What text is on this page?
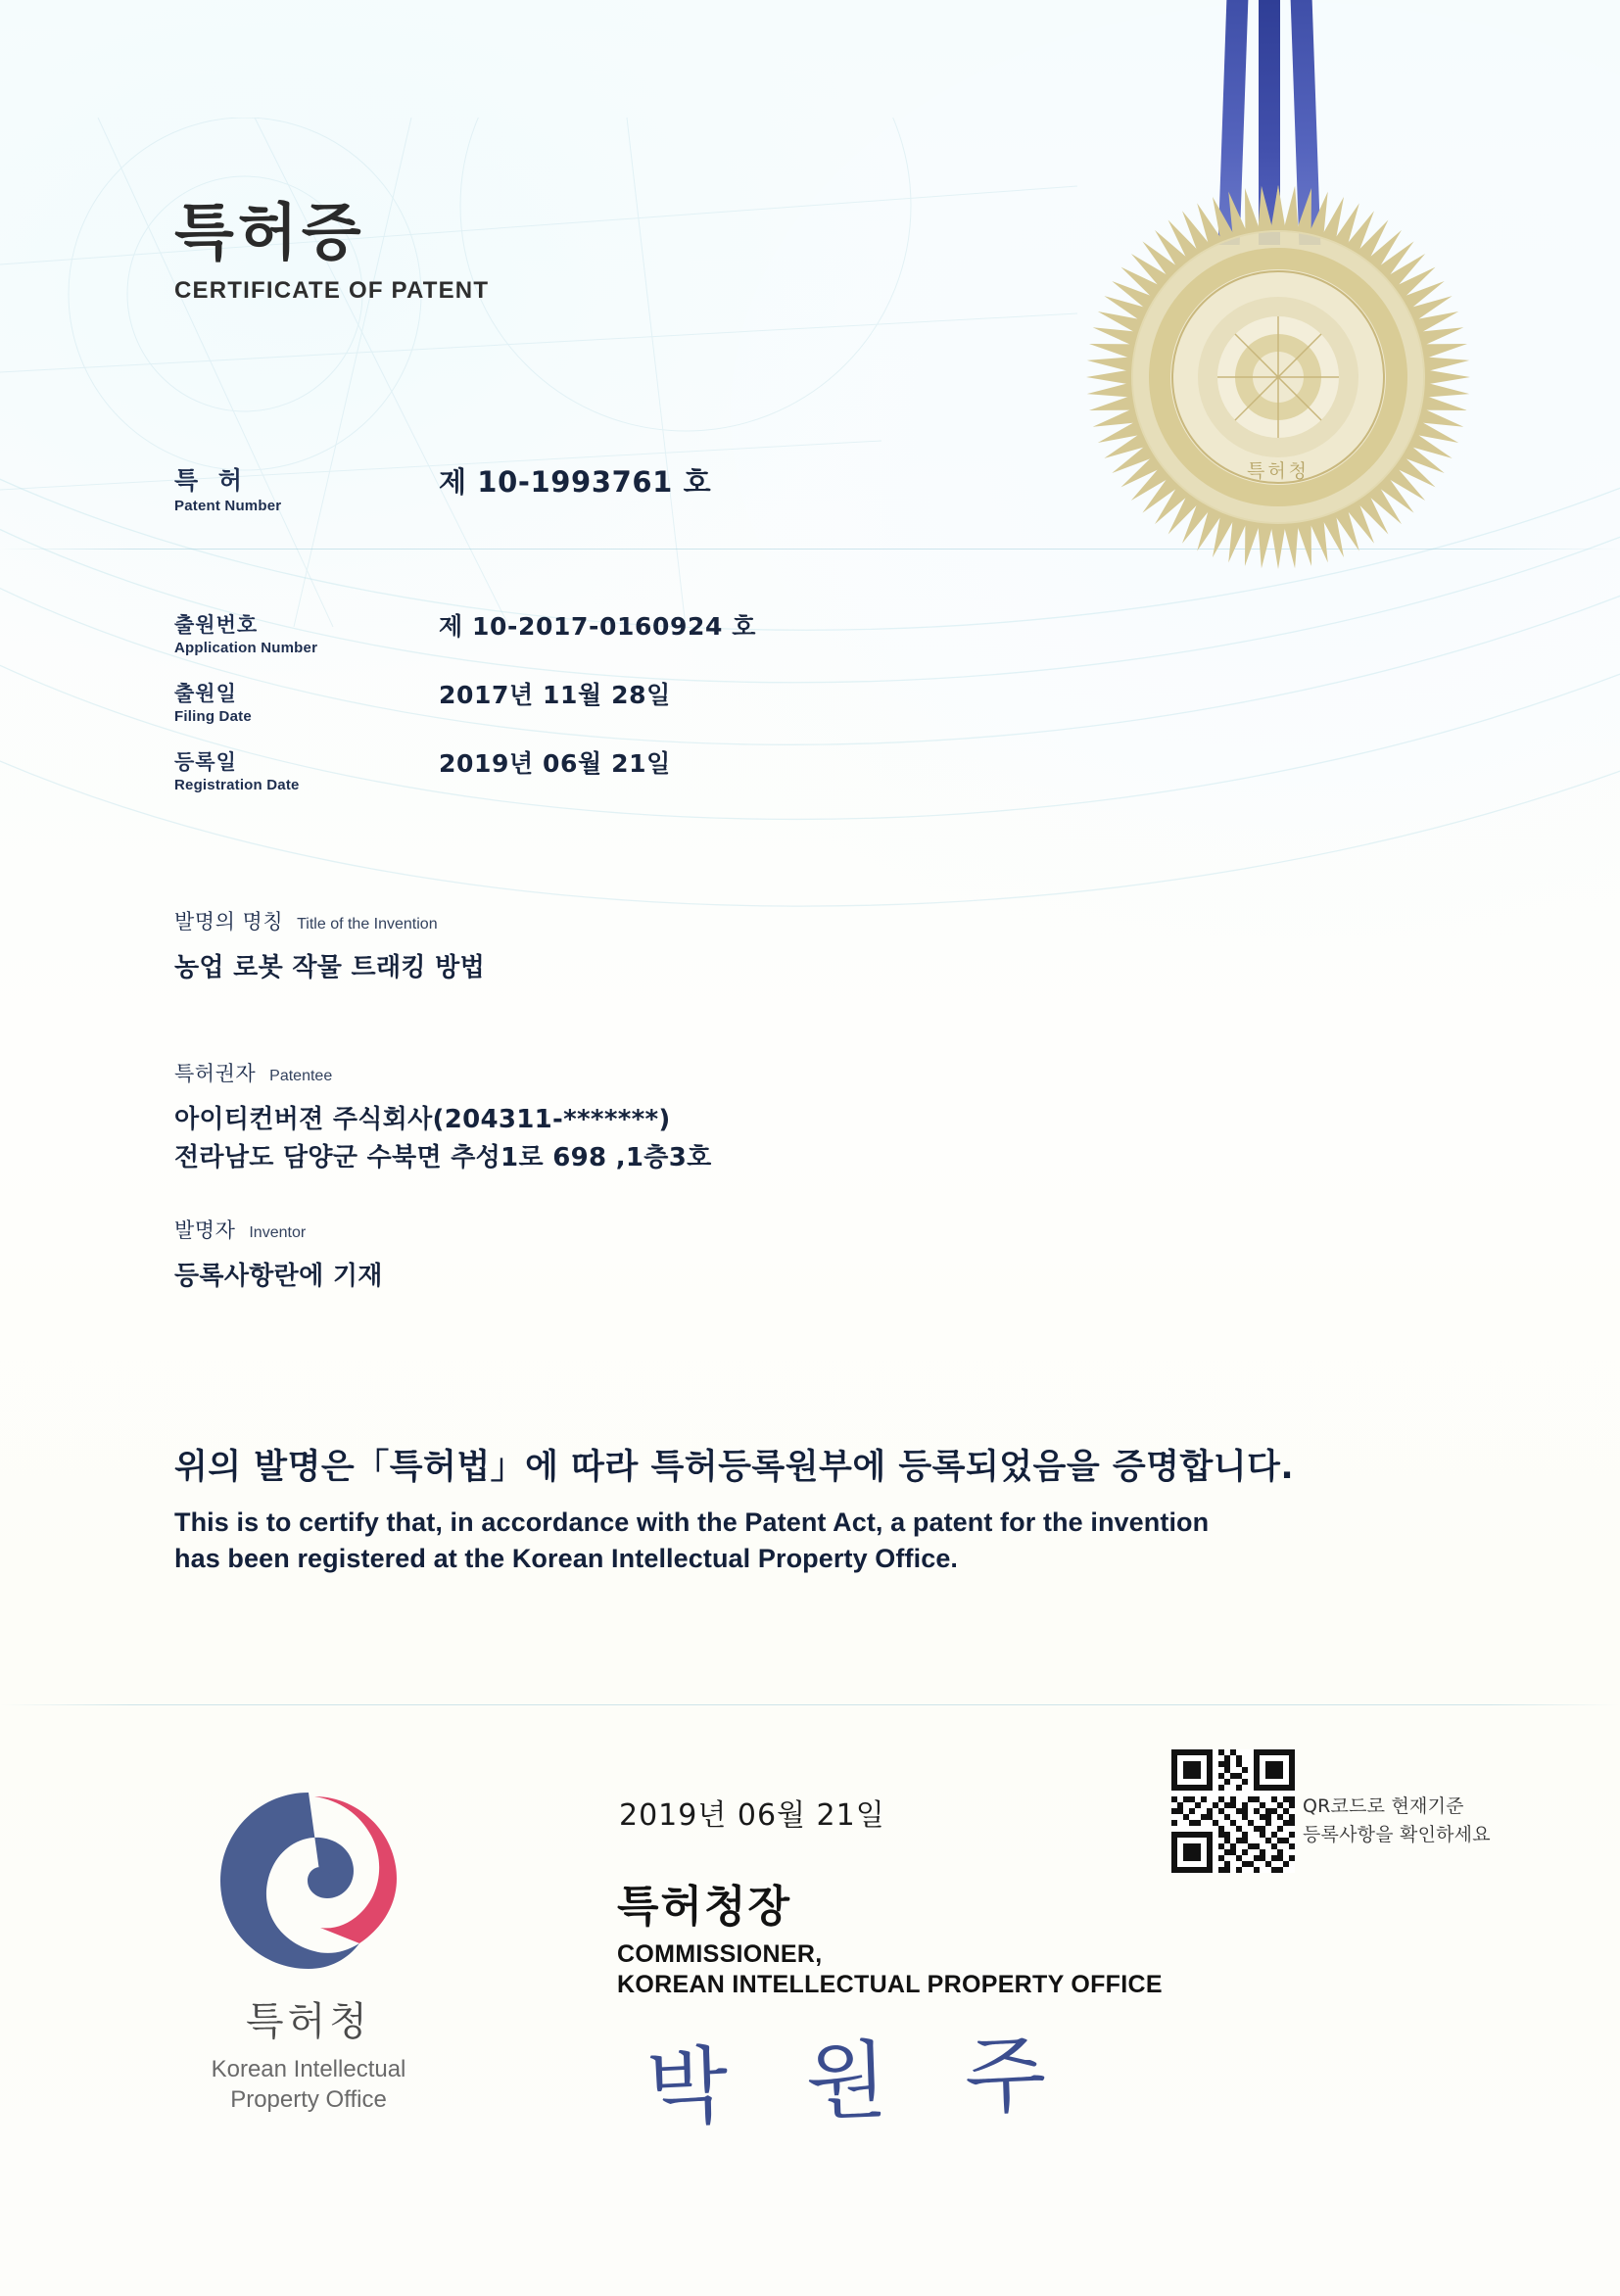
특허청
특허증
CERTIFICATE OF PATENT
특 허
Patent Number
제 10-1993761 호
출원번호
Application Number
제 10-2017-0160924 호
출원일
Filing Date
2017년 11월 28일
등록일
Registration Date
2019년 06월 21일
발명의 명칭 Title of the Invention
농업 로봇 작물 트래킹 방법
특허권자 Patentee
아이티컨버젼 주식회사(204311-*******)
전라남도 담양군 수북면 추성1로 698 ,1층3호
발명자 Inventor
등록사항란에 기재
위의 발명은「특허법」에 따라 특허등록원부에 등록되었음을 증명합니다.
This is to certify that, in accordance with the Patent Act, a patent for the invention
has been registered at the Korean Intellectual Property Office.
2019년 06월 21일
특허청장
COMMISSIONER,
KOREAN INTELLECTUAL PROPERTY OFFICE
박 원 주
특허청
Korean Intellectual
Property Office
QR코드로 현재기준
등록사항을 확인하세요
